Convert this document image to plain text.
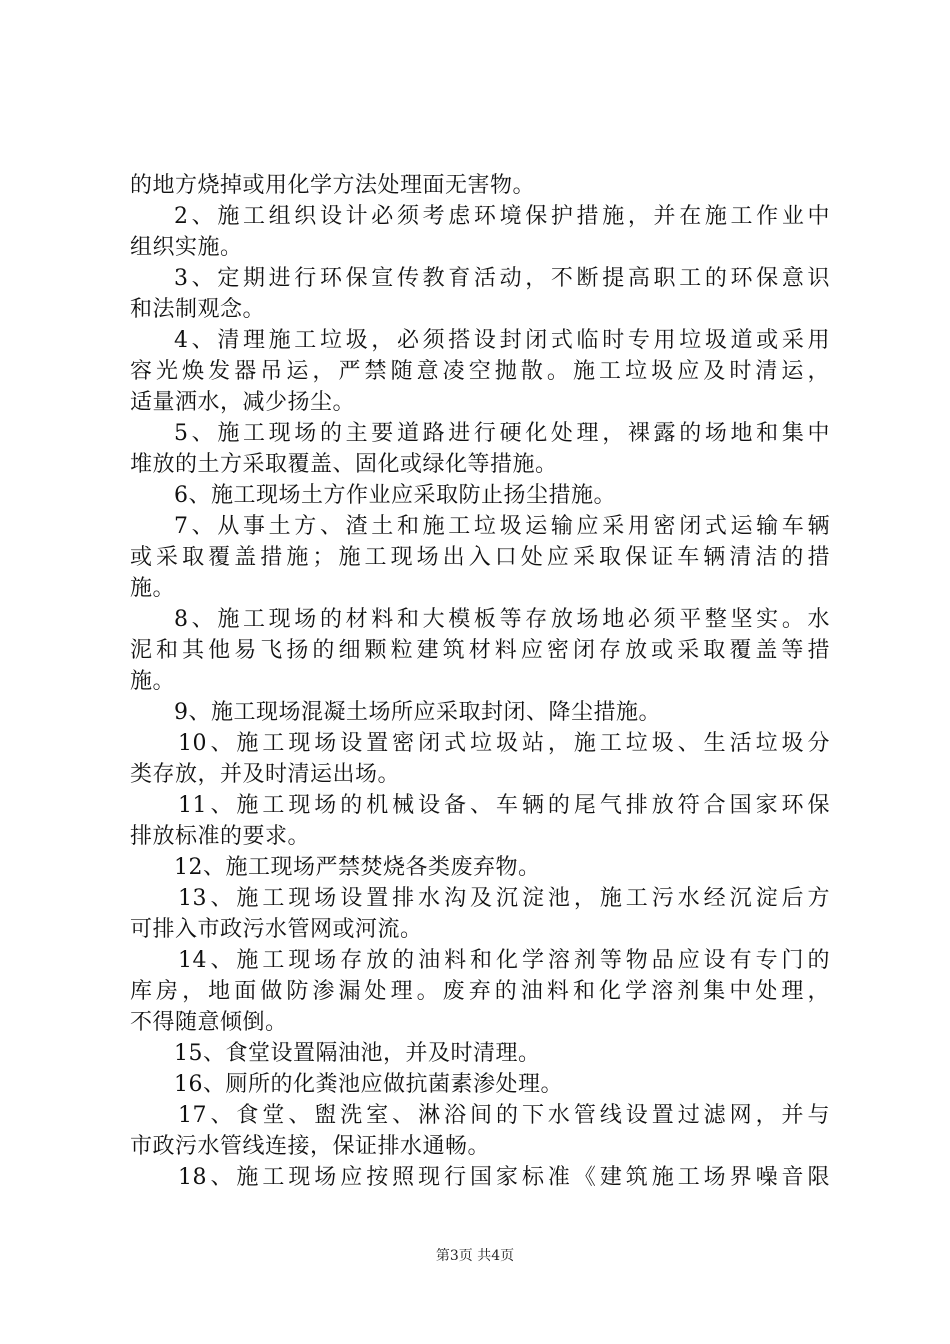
的地方烧掉或用化学方法处理面无害物。
2、施工组织设计必须考虑环境保护措施，并在施工作业中
组织实施。
3、定期进行环保宣传教育活动，不断提高职工的环保意识
和法制观念。
4、清理施工垃圾，必须搭设封闭式临时专用垃圾道或采用
容光焕发器吊运，严禁随意凌空抛散。施工垃圾应及时清运，
适量洒水，减少扬尘。
5、施工现场的主要道路进行硬化处理，裸露的场地和集中
堆放的土方采取覆盖、固化或绿化等措施。
6、施工现场土方作业应采取防止扬尘措施。
7、从事土方、渣土和施工垃圾运输应采用密闭式运输车辆
或采取覆盖措施；施工现场出入口处应采取保证车辆清洁的措
施。
8、施工现场的材料和大模板等存放场地必须平整坚实。水
泥和其他易飞扬的细颗粒建筑材料应密闭存放或采取覆盖等措
施。
9、施工现场混凝土场所应采取封闭、降尘措施。
10、施工现场设置密闭式垃圾站，施工垃圾、生活垃圾分
类存放，并及时清运出场。
11、施工现场的机械设备、车辆的尾气排放符合国家环保
排放标准的要求。
12、施工现场严禁焚烧各类废弃物。
13、施工现场设置排水沟及沉淀池，施工污水经沉淀后方
可排入市政污水管网或河流。
14、施工现场存放的油料和化学溶剂等物品应设有专门的
库房，地面做防渗漏处理。废弃的油料和化学溶剂集中处理，
不得随意倾倒。
15、食堂设置隔油池，并及时清理。
16、厕所的化粪池应做抗菌素渗处理。
17、食堂、盥洗室、淋浴间的下水管线设置过滤网，并与
市政污水管线连接，保证排水通畅。
18、施工现场应按照现行国家标准《建筑施工场界噪音限
第3页 共4页
